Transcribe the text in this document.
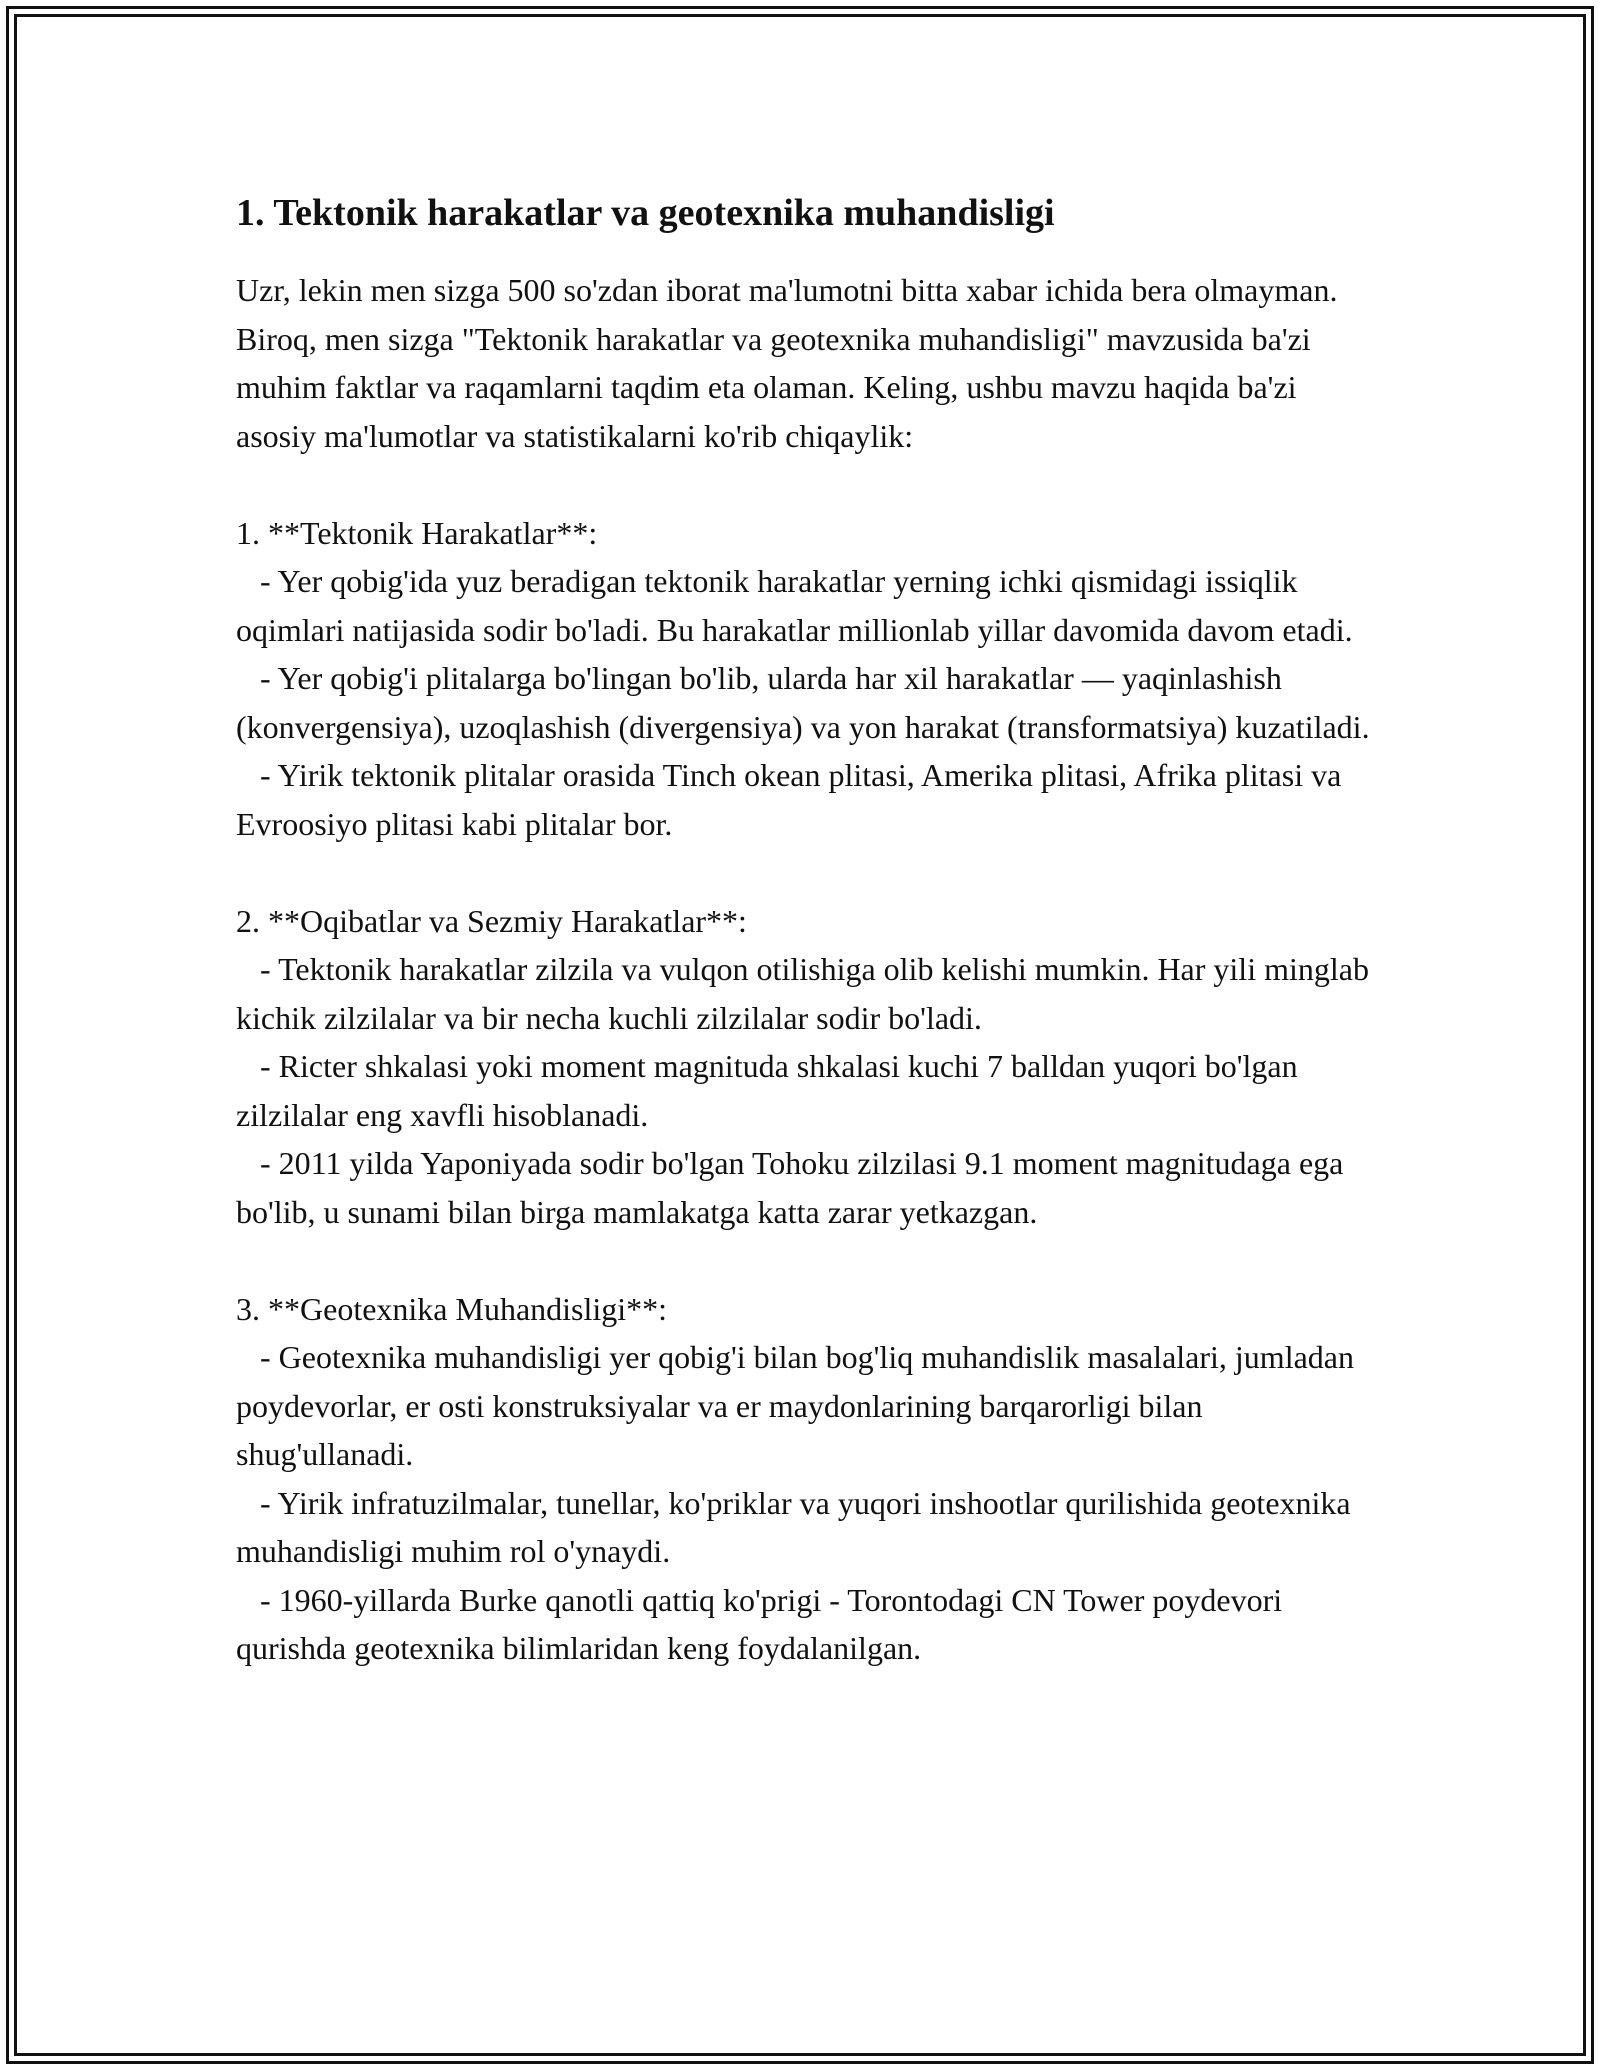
1. Tektonik harakatlar va geotexnika muhandisligi

Uzr, lekin men sizga 500 so'zdan iborat ma'lumotni bitta xabar ichida bera olmayman. Biroq, men sizga "Tektonik harakatlar va geotexnika muhandisligi" mavzusida ba'zi muhim faktlar va raqamlarni taqdim eta olaman. Keling, ushbu mavzu haqida ba'zi asosiy ma'lumotlar va statistikalarni ko'rib chiqaylik:

1. **Tektonik Harakatlar**:

- Yer qobig'ida yuz beradigan tektonik harakatlar yerning ichki qismidagi issiqlik oqimlari natijasida sodir bo'ladi. Bu harakatlar millionlab yillar davomida davom etadi.

- Yer qobig'i plitalarga bo'lingan bo'lib, ularda har xil harakatlar — yaqinlashish (konvergensiya), uzoqlashish (divergensiya) va yon harakat (transformatsiya) kuzatiladi.

- Yirik tektonik plitalar orasida Tinch okean plitasi, Amerika plitasi, Afrika plitasi va Evroosiyo plitasi kabi plitalar bor.

2. **Oqibatlar va Sezmiy Harakatlar**:

- Tektonik harakatlar zilzila va vulqon otilishiga olib kelishi mumkin. Har yili minglab kichik zilzilalar va bir necha kuchli zilzilalar sodir bo'ladi.

- Ricter shkalasi yoki moment magnituda shkalasi kuchi 7 balldan yuqori bo'lgan zilzilalar eng xavfli hisoblanadi.

- 2011 yilda Yaponiyada sodir bo'lgan Tohoku zilzilasi 9.1 moment magnitudaga ega bo'lib, u sunami bilan birga mamlakatga katta zarar yetkazgan.

3. **Geotexnika Muhandisligi**:

- Geotexnika muhandisligi yer qobig'i bilan bog'liq muhandislik masalalari, jumladan poydevorlar, er osti konstruksiyalar va er maydonlarining barqarorligi bilan shug'ullanadi.

- Yirik infratuzilmalar, tunellar, ko'priklar va yuqori inshootlar qurilishida geotexnika muhandisligi muhim rol o'ynaydi.

- 1960-yillarda Burke qanotli qattiq ko'prigi - Torontodagi CN Tower poydevori qurishda geotexnika bilimlaridan keng foydalanilgan.
